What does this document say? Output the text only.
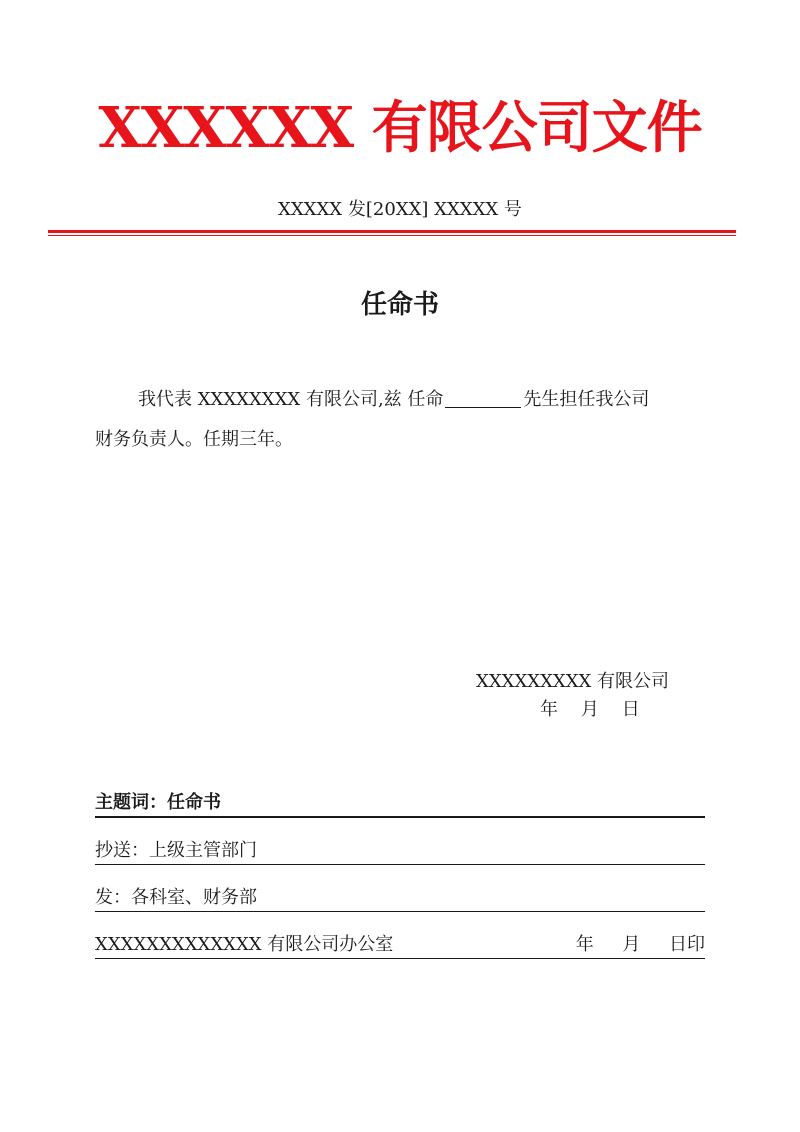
XXXXXX 有限公司文件
XXXXX 发[20XX] XXXXX 号
任命书
我代表 XXXXXXXX 有限公司,兹 任命	先生担任我公司
财务负责人。任期三年。
XXXXXXXXX 有限公司
年    月    日
主题词：任命书
抄送：上级主管部门
发：各科室、财务部
XXXXXXXXXXXXX 有限公司办公室	年     月     日印
